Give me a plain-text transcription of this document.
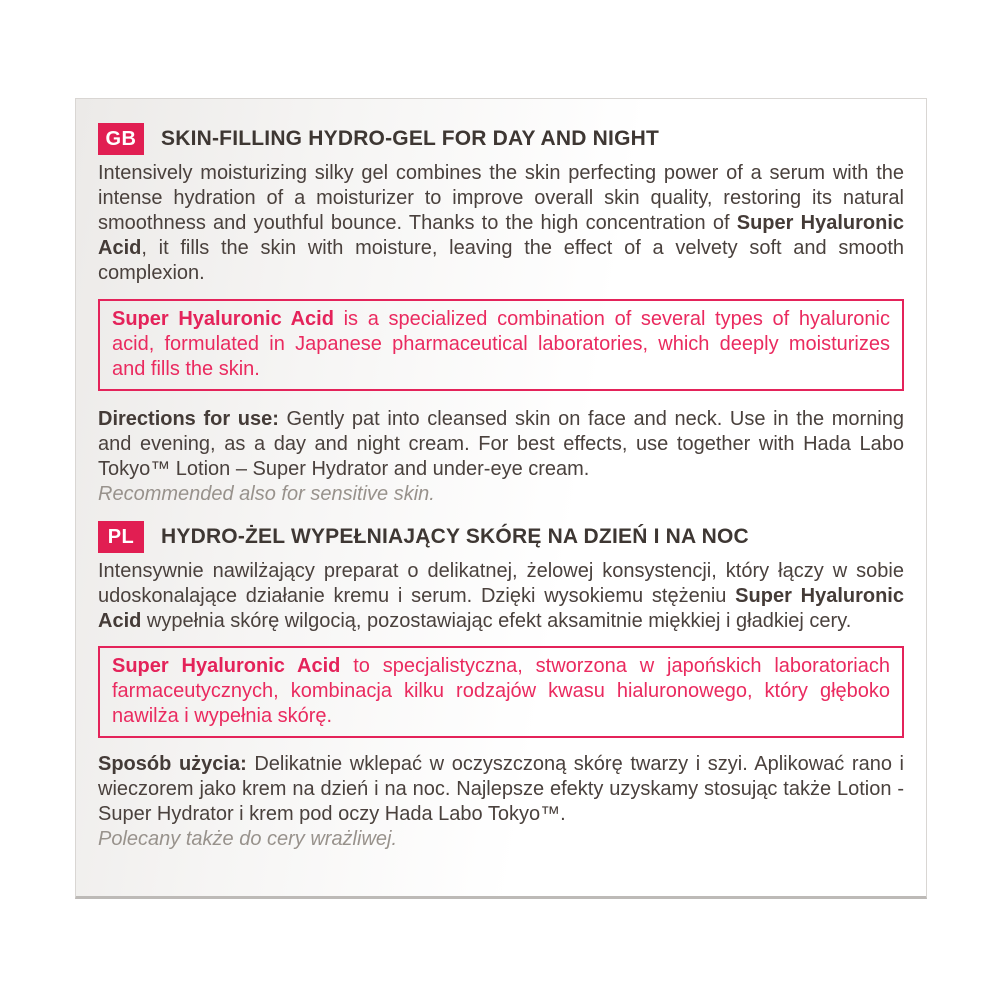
GB	SKIN-FILLING HYDRO-GEL FOR DAY AND NIGHT

Intensively moisturizing silky gel combines the skin perfecting power of a serum with the intense hydration of a moisturizer to improve overall skin quality, restoring its natural smoothness and youthful bounce. Thanks to the high concentration of Super Hyaluronic Acid, it fills the skin with moisture, leaving the effect of a velvety soft and smooth complexion.

Super Hyaluronic Acid is a specialized combination of several types of hyaluronic acid, formulated in Japanese pharmaceutical laboratories, which deeply moisturizes and fills the skin.

Directions for use: Gently pat into cleansed skin on face and neck. Use in the morning and evening, as a day and night cream. For best effects, use together with Hada Labo Tokyo™ Lotion – Super Hydrator and under-eye cream.

Recommended also for sensitive skin.

PL	HYDRO-ŻEL WYPEŁNIAJĄCY SKÓRĘ NA DZIEŃ I NA NOC

Intensywnie nawilżający preparat o delikatnej, żelowej konsystencji, który łączy w sobie udoskonalające działanie kremu i serum. Dzięki wysokiemu stężeniu Super Hyaluronic Acid wypełnia skórę wilgocią, pozostawiając efekt aksamitnie miękkiej i gładkiej cery.

Super Hyaluronic Acid to specjalistyczna, stworzona w japońskich laboratoriach farmaceutycznych, kombinacja kilku rodzajów kwasu hialuronowego, który głęboko nawilża i wypełnia skórę.

Sposób użycia: Delikatnie wklepać w oczyszczoną skórę twarzy i szyi. Aplikować rano i wieczorem jako krem na dzień i na noc. Najlepsze efekty uzyskamy stosując także Lotion - Super Hydrator i krem pod oczy Hada Labo Tokyo™.

Polecany także do cery wrażliwej.
